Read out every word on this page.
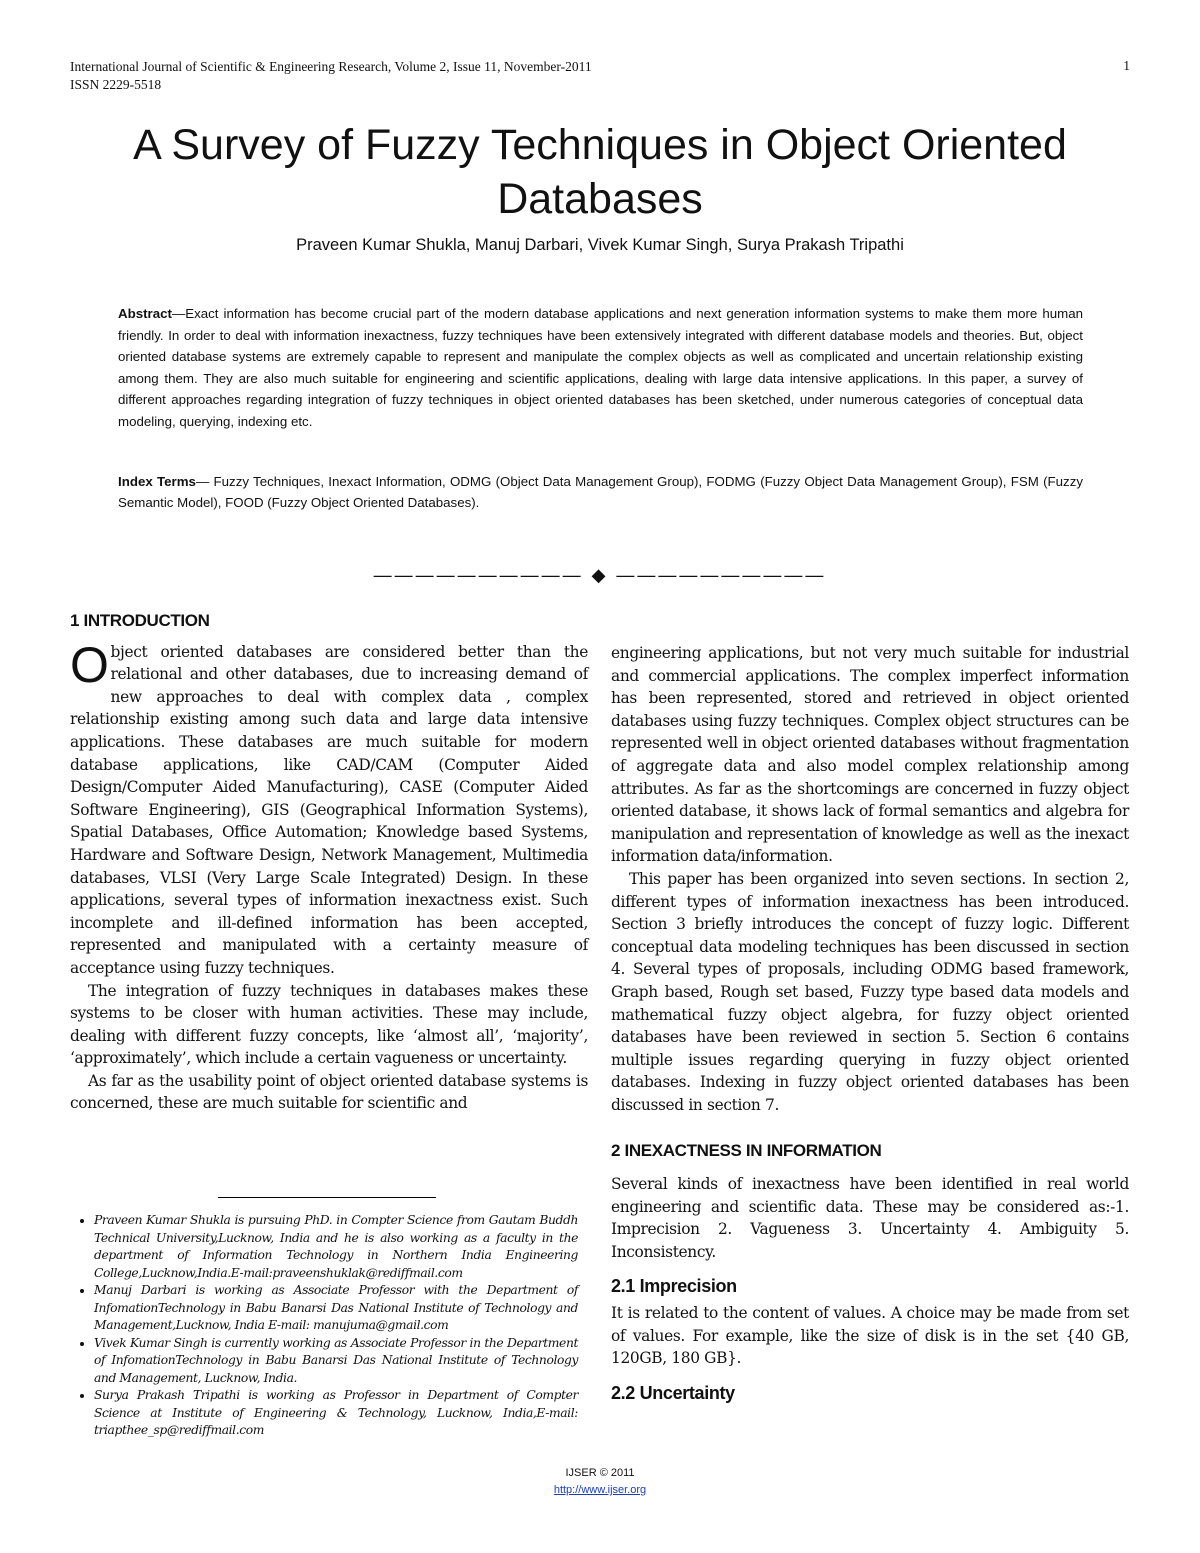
International Journal of Scientific & Engineering Research, Volume 2, Issue 11, November-2011
ISSN 2229-5518
1
A Survey of Fuzzy Techniques in Object Oriented Databases
Praveen Kumar Shukla, Manuj Darbari, Vivek Kumar Singh, Surya Prakash Tripathi
Abstract—Exact information has become crucial part of the modern database applications and next generation information systems to make them more human friendly. In order to deal with information inexactness, fuzzy techniques have been extensively integrated with different database models and theories. But, object oriented database systems are extremely capable to represent and manipulate the complex objects as well as complicated and uncertain relationship existing among them. They are also much suitable for engineering and scientific applications, dealing with large data intensive applications. In this paper, a survey of different approaches regarding integration of fuzzy techniques in object oriented databases has been sketched, under numerous categories of conceptual data modeling, querying, indexing etc.
Index Terms— Fuzzy Techniques, Inexact Information, ODMG (Object Data Management Group), FODMG (Fuzzy Object Data Management Group), FSM (Fuzzy Semantic Model), FOOD (Fuzzy Object Oriented Databases).
—————————— ◆ ——————————
1 INTRODUCTION

Object oriented databases are considered better than the relational and other databases, due to increasing demand of new approaches to deal with complex data , complex relationship existing among such data and large data intensive applications. These databases are much suitable for modern database applications, like CAD/CAM (Computer Aided Design/Computer Aided Manufacturing), CASE (Computer Aided Software Engineering), GIS (Geographical Information Systems), Spatial Databases, Office Automation; Knowledge based Systems, Hardware and Software Design, Network Management, Multimedia databases, VLSI (Very Large Scale Integrated) Design. In these applications, several types of information inexactness exist. Such incomplete and ill-defined information has been accepted, represented and manipulated with a certainty measure of acceptance using fuzzy techniques.

The integration of fuzzy techniques in databases makes these systems to be closer with human activities. These may include, dealing with different fuzzy concepts, like ‘almost all’, ‘majority’, ‘approximately’, which include a certain vagueness or uncertainty.

As far as the usability point of object oriented database systems is concerned, these are much suitable for scientific and

• Praveen Kumar Shukla is pursuing PhD. in Compter Science from Gautam Buddh Technical University,Lucknow, India and he is also working as a faculty in the department of Information Technology in Northern India Engineering College,Lucknow,India.E-mail:praveenshuklak@rediffmail.com
• Manuj Darbari is working as Associate Professor with the Department of InfomationTechnology in Babu Banarsi Das National Institute of Technology and Management,Lucknow, India E-mail: manujuma@gmail.com
• Vivek Kumar Singh is currently working as Associate Professor in the Department of InfomationTechnology in Babu Banarsi Das National Institute of Technology and Management, Lucknow, India.
• Surya Prakash Tripathi is working as Professor in Department of Compter Science at Institute of Engineering & Technology, Lucknow, India,E-mail: triapthee_sp@rediffmail.com

engineering applications, but not very much suitable for industrial and commercial applications. The complex imperfect information has been represented, stored and retrieved in object oriented databases using fuzzy techniques. Complex object structures can be represented well in object oriented databases without fragmentation of aggregate data and also model complex relationship among attributes. As far as the shortcomings are concerned in fuzzy object oriented database, it shows lack of formal semantics and algebra for manipulation and representation of knowledge as well as the inexact information data/information.

This paper has been organized into seven sections. In section 2, different types of information inexactness has been introduced. Section 3 briefly introduces the concept of fuzzy logic. Different conceptual data modeling techniques has been discussed in section 4. Several types of proposals, including ODMG based framework, Graph based, Rough set based, Fuzzy type based data models and mathematical fuzzy object algebra, for fuzzy object oriented databases have been reviewed in section 5. Section 6 contains multiple issues regarding querying in fuzzy object oriented databases. Indexing in fuzzy object oriented databases has been discussed in section 7.

2 INEXACTNESS IN INFORMATION

Several kinds of inexactness have been identified in real world engineering and scientific data. These may be considered as:-1. Imprecision 2. Vagueness 3. Uncertainty 4. Ambiguity 5. Inconsistency.

2.1 Imprecision

It is related to the content of values. A choice may be made from set of values. For example, like the size of disk is in the set {40 GB, 120GB, 180 GB}.

2.2 Uncertainty
IJSER © 2011
http://www.ijser.org
